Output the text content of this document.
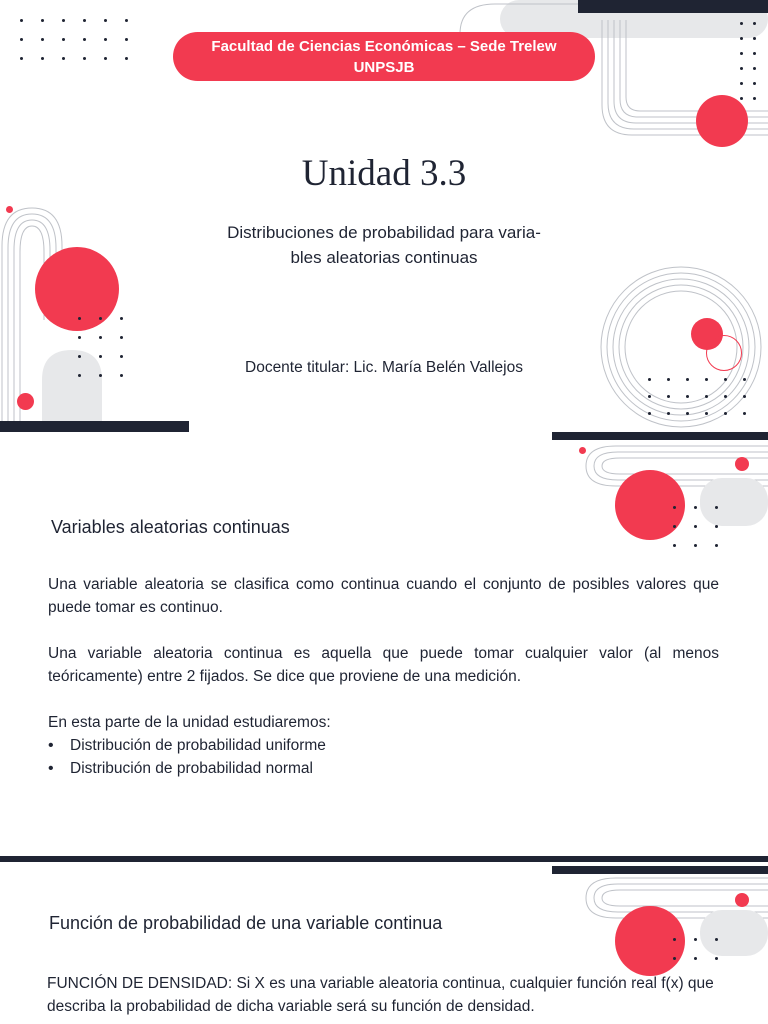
Facultad de Ciencias Económicas – Sede Trelew
UNPSJB
Unidad 3.3
Distribuciones de probabilidad para varia-
bles aleatorias continuas
Docente titular: Lic. María Belén Vallejos
Variables aleatorias continuas

Una variable aleatoria se clasifica como continua cuando el conjunto de posibles valores que puede tomar es continuo.

Una variable aleatoria continua es aquella que puede tomar cualquier valor (al menos teóricamente) entre 2 fijados. Se dice que proviene de una medición.

En esta parte de la unidad estudiaremos:

• Distribución de probabilidad uniforme
• Distribución de probabilidad normal
Función de probabilidad de una variable continua

FUNCIÓN DE DENSIDAD: Si X es una variable aleatoria continua, cualquier función real f(x) que describa la probabilidad de dicha variable será su función de densidad.
